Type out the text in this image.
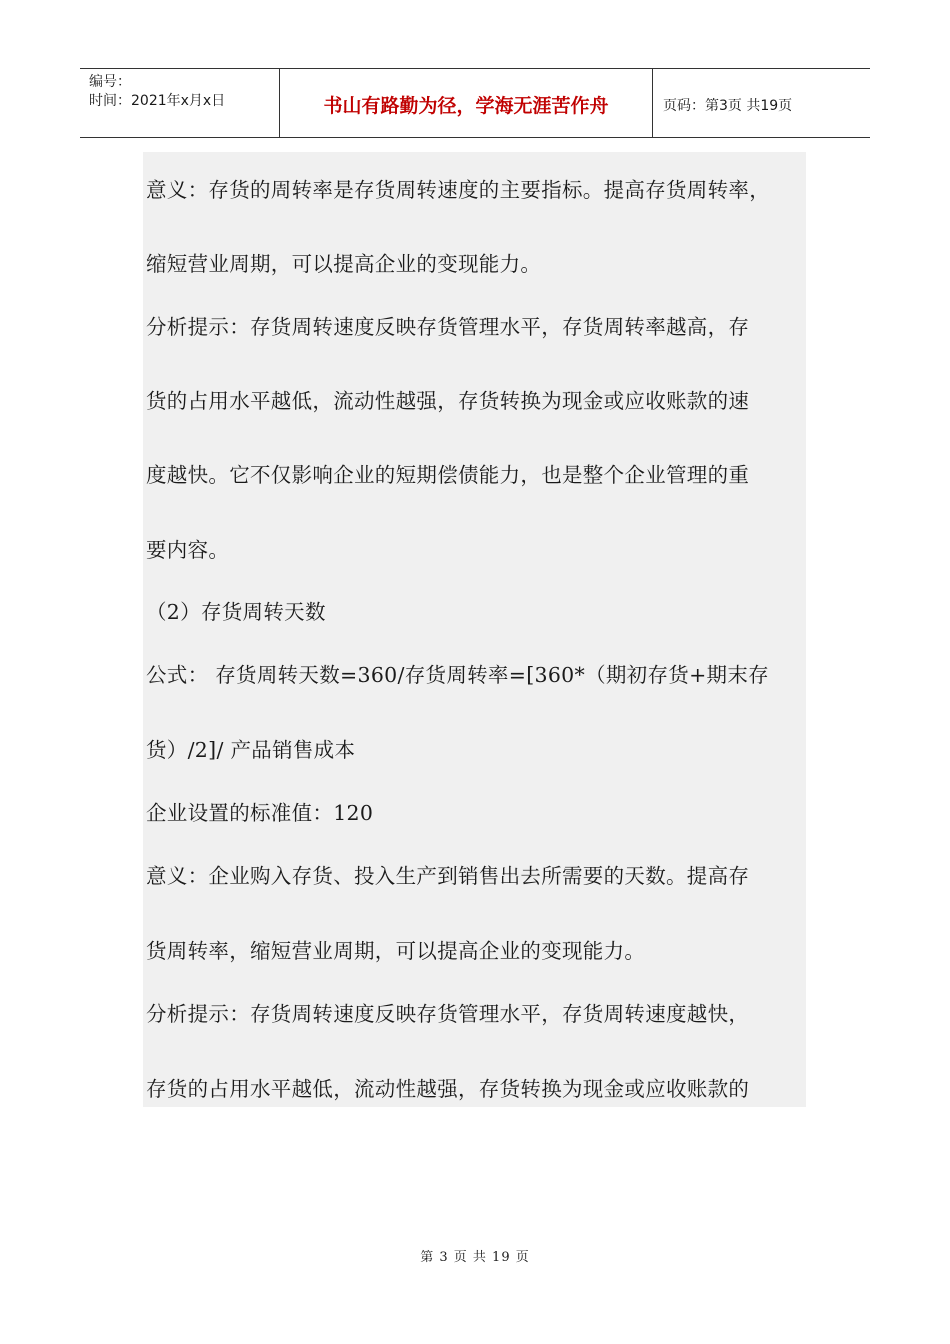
编号：
时间：2021年x月x日	书山有路勤为径，学海无涯苦作舟	页码：第3页 共19页
意义：存货的周转率是存货周转速度的主要指标。提高存货周转率，
缩短营业周期，可以提高企业的变现能力。
分析提示：存货周转速度反映存货管理水平，存货周转率越高，存
货的占用水平越低，流动性越强，存货转换为现金或应收账款的速
度越快。它不仅影响企业的短期偿债能力，也是整个企业管理的重
要内容。
（2）存货周转天数
公式： 存货周转天数=360/存货周转率=[360*（期初存货+期末存
货）/2]/ 产品销售成本
企业设置的标准值：120
意义：企业购入存货、投入生产到销售出去所需要的天数。提高存
货周转率，缩短营业周期，可以提高企业的变现能力。
分析提示：存货周转速度反映存货管理水平，存货周转速度越快，
存货的占用水平越低，流动性越强，存货转换为现金或应收账款的
第 3 页 共 19 页
